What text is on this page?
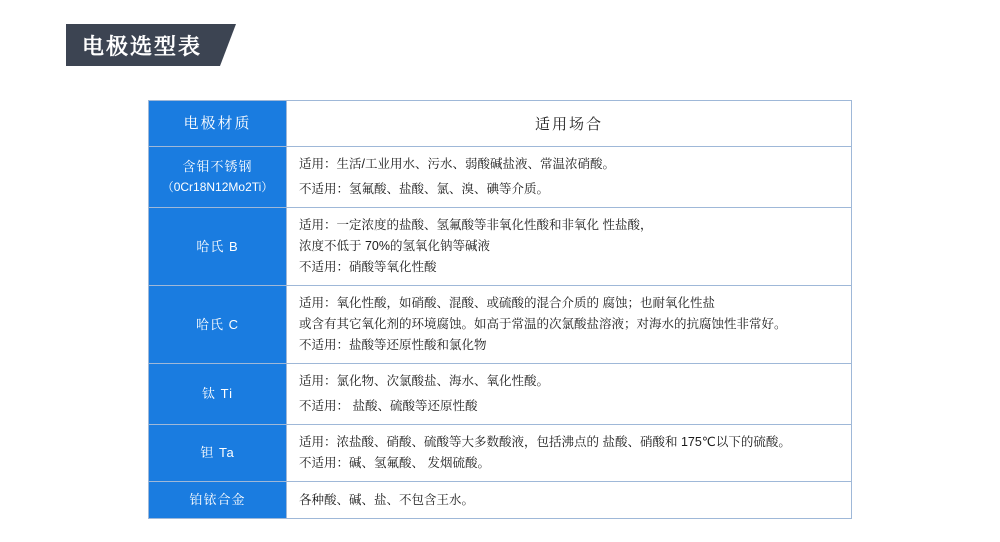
电极选型表
电极材质	适用场合
含钼不锈钢
（0Cr18N12Mo2Ti）	适用：生活/工业用水、污水、弱酸碱盐液、常温浓硝酸。
不适用：氢氟酸、盐酸、氯、溴、碘等介质。

哈氏 B	适用：一定浓度的盐酸、氢氟酸等非氧化性酸和非氧化 性盐酸，
浓度不低于 70%的氢氧化钠等碱液
不适用：硝酸等氧化性酸

哈氏 C	适用：氧化性酸，如硝酸、混酸、或硫酸的混合介质的 腐蚀；也耐氧化性盐
或含有其它氧化剂的环境腐蚀。如高于常温的次氯酸盐溶液；对海水的抗腐蚀性非常好。
不适用：盐酸等还原性酸和氯化物

钛 Ti	适用：氯化物、次氯酸盐、海水、氧化性酸。
不适用： 盐酸、硫酸等还原性酸

钽 Ta	适用：浓盐酸、硝酸、硫酸等大多数酸液，包括沸点的 盐酸、硝酸和 175℃以下的硫酸。
不适用：碱、氢氟酸、 发烟硫酸。

铂铱合金	各种酸、碱、盐、不包含王水。
